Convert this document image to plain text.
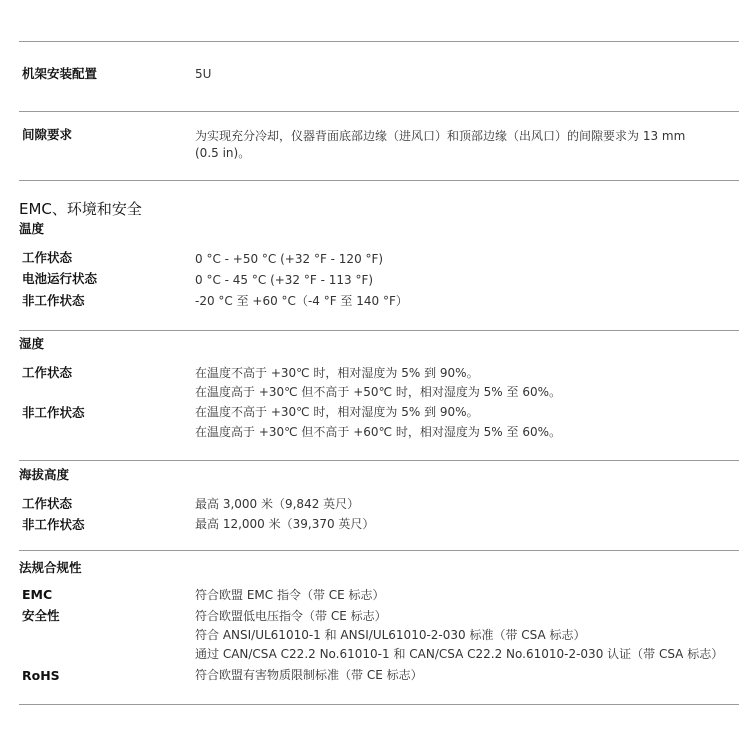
机架安装配置	5U
间隙要求	为实现充分冷却，仪器背面底部边缘（进风口）和顶部边缘（出风口）的间隙要求为 13 mm
(0.5 in)。
EMC、环境和安全
温度
工作状态	0 °C - +50 °C (+32 °F - 120 °F)
电池运行状态	0 °C - 45 °C (+32 °F - 113 °F)
非工作状态	-20 °C 至 +60 °C（-4 °F 至 140 °F）
湿度
工作状态	在温度不高于 +30℃ 时，相对湿度为 5% 到 90%。
在温度高于 +30℃ 但不高于 +50℃ 时，相对湿度为 5% 至 60%。
非工作状态	在温度不高于 +30℃ 时，相对湿度为 5% 到 90%。
在温度高于 +30℃ 但不高于 +60℃ 时，相对湿度为 5% 至 60%。
海拔高度
工作状态	最高 3,000 米（9,842 英尺）
非工作状态	最高 12,000 米（39,370 英尺）
法规合规性
EMC	符合欧盟 EMC 指令（带 CE 标志）
安全性	符合欧盟低电压指令（带 CE 标志）
符合 ANSI/UL61010-1 和 ANSI/UL61010-2-030 标准（带 CSA 标志）
通过 CAN/CSA C22.2 No.61010-1 和 CAN/CSA C22.2 No.61010-2-030 认证（带 CSA 标志）
RoHS	符合欧盟有害物质限制标准（带 CE 标志）
